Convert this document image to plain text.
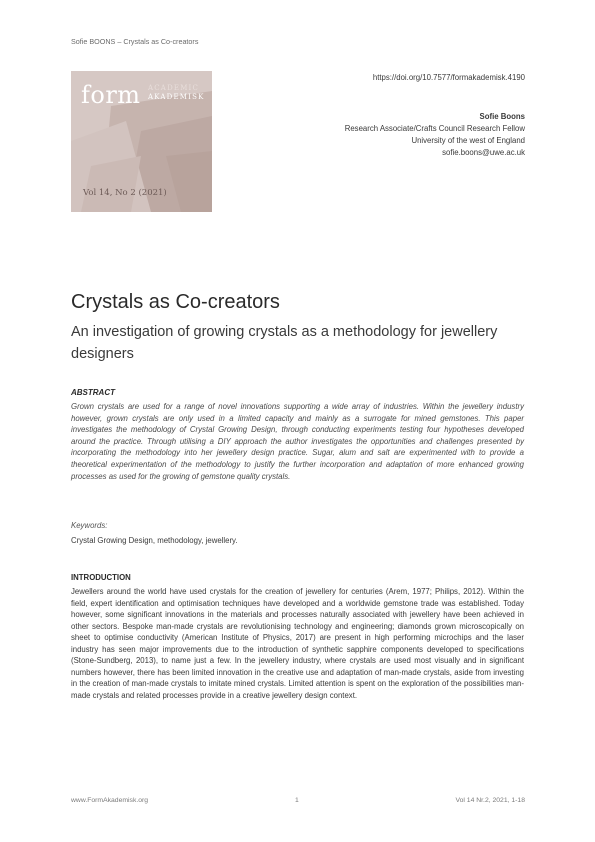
Sofie BOONS – Crystals as Co-creators
form ACADEMIC
AKADEMISK
Vol 14, No 2 (2021)
https://doi.org/10.7577/formakademisk.4190
Sofie Boons
Research Associate/Crafts Council Research Fellow
University of the west of England
sofie.boons@uwe.ac.uk
Crystals as Co-creators
An investigation of growing crystals as a methodology for jewellery designers
ABSTRACT

Grown crystals are used for a range of novel innovations supporting a wide array of industries. Within the jewellery industry however, grown crystals are only used in a limited capacity and mainly as a surrogate for mined gemstones. This paper investigates the methodology of Crystal Growing Design, through conducting experiments testing four hypotheses developed around the practice. Through utilising a DIY approach the author investigates the opportunities and challenges presented by incorporating the methodology into her jewellery design practice. Sugar, alum and salt are experimented with to provide a theoretical experimentation of the methodology to justify the further incorporation and adaptation of more enhanced growing processes as used for the growing of gemstone quality crystals.

Keywords:
Crystal Growing Design, methodology, jewellery.
INTRODUCTION

Jewellers around the world have used crystals for the creation of jewellery for centuries (Arem, 1977; Philips, 2012). Within the field, expert identification and optimisation techniques have developed and a worldwide gemstone trade was established. Today however, some significant innovations in the materials and processes naturally associated with jewellery have been achieved in other sectors. Bespoke man-made crystals are revolutionising technology and engineering; diamonds grown microscopically on sheet to optimise conductivity (American Institute of Physics, 2017) are present in high performing microchips and the laser industry has seen major improvements due to the introduction of synthetic sapphire components developed to specifications (Stone-Sundberg, 2013), to name just a few. In the jewellery industry, where crystals are used most visually and in significant numbers however, there has been limited innovation in the creative use and adaptation of man-made crystals, aside from investing in the creation of man-made crystals to imitate mined crystals. Limited attention is spent on the exploration of the possibilities man-made crystals and related processes provide in a creative jewellery design context.

www.FormAkademisk.org	1	Vol 14 Nr.2, 2021, 1-18
